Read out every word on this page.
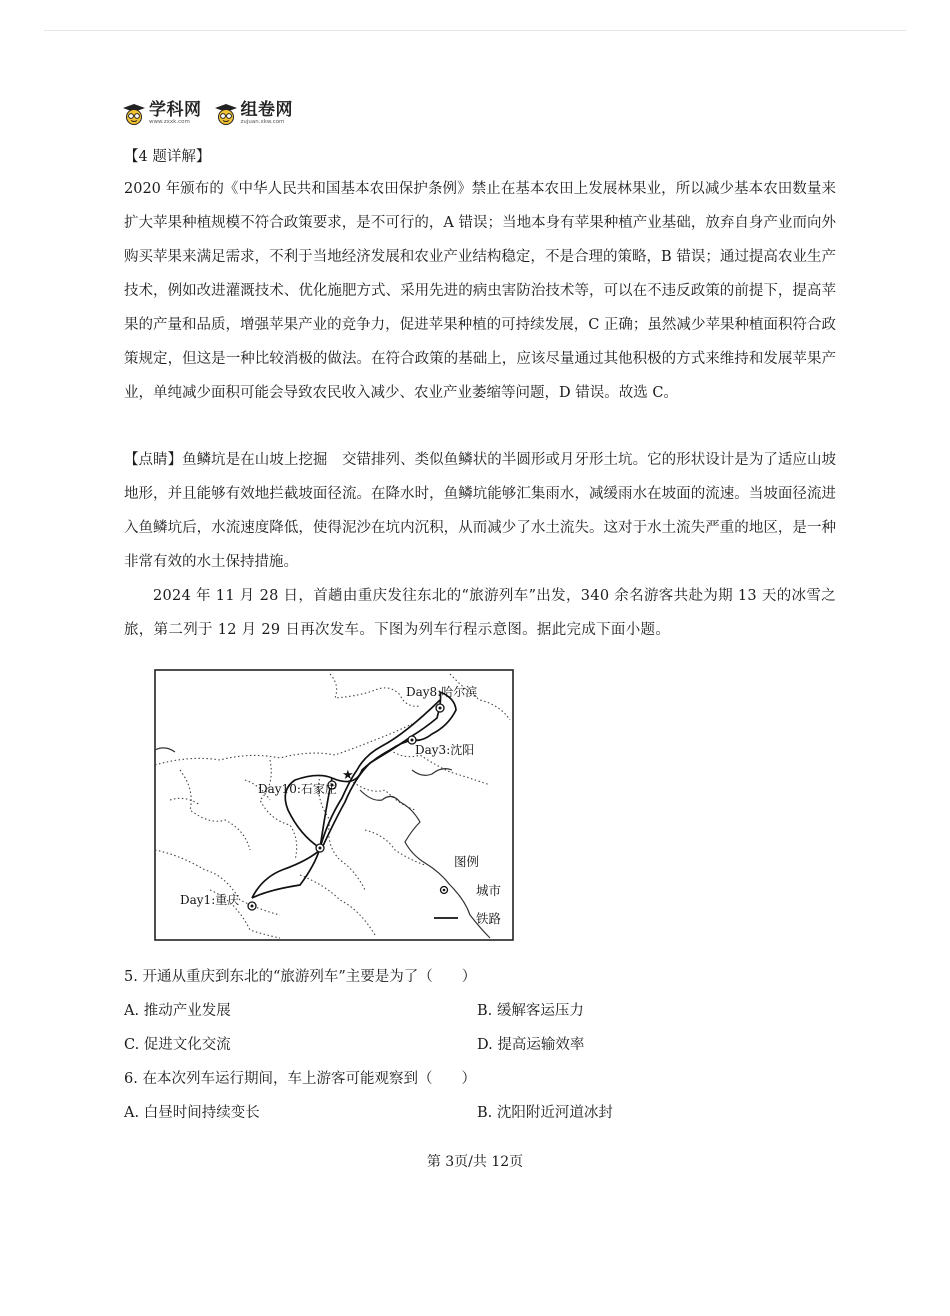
学科网
www.zxxk.com
组卷网
zujuan.xkw.com
【4 题详解】
2020 年颁布的《中华人民共和国基本农田保护条例》禁止在基本农田上发展林果业，所以减少基本农田数量来扩大苹果种植规模不符合政策要求，是不可行的，A 错误；当地本身有苹果种植产业基础，放弃自身产业而向外购买苹果来满足需求，不利于当地经济发展和农业产业结构稳定，不是合理的策略，B 错误；通过提高农业生产技术，例如改进灌溉技术、优化施肥方式、采用先进的病虫害防治技术等，可以在不违反政策的前提下，提高苹果的产量和品质，增强苹果产业的竞争力，促进苹果种植的可持续发展，C 正确；虽然减少苹果种植面积符合政策规定，但这是一种比较消极的做法。在符合政策的基础上，应该尽量通过其他积极的方式来维持和发展苹果产业，单纯减少面积可能会导致农民收入减少、农业产业萎缩等问题，D 错误。故选 C。
【点睛】鱼鳞坑是在山坡上挖掘　交错排列、类似鱼鳞状的半圆形或月牙形土坑。它的形状设计是为了适应山坡地形，并且能够有效地拦截坡面径流。在降水时，鱼鳞坑能够汇集雨水，减缓雨水在坡面的流速。当坡面径流进入鱼鳞坑后，水流速度降低，使得泥沙在坑内沉积，从而减少了水土流失。这对于水土流失严重的地区，是一种非常有效的水土保持措施。
2024 年 11 月 28 日，首趟由重庆发往东北的“旅游列车”出发，340 余名游客共赴为期 13 天的冰雪之旅，第二列于 12 月 29 日再次发车。下图为列车行程示意图。据此完成下面小题。
★
Day8:哈尔滨
Day3:沈阳
Day10:石家庄
Day1:重庆
图例
城市
铁路
5. 开通从重庆到东北的“旅游列车”主要是为了（　　）
A. 推动产业发展	B. 缓解客运压力
C. 促进文化交流	D. 提高运输效率
6. 在本次列车运行期间，车上游客可能观察到（　　）
A. 白昼时间持续变长	B. 沈阳附近河道冰封
第 3页/共 12页
